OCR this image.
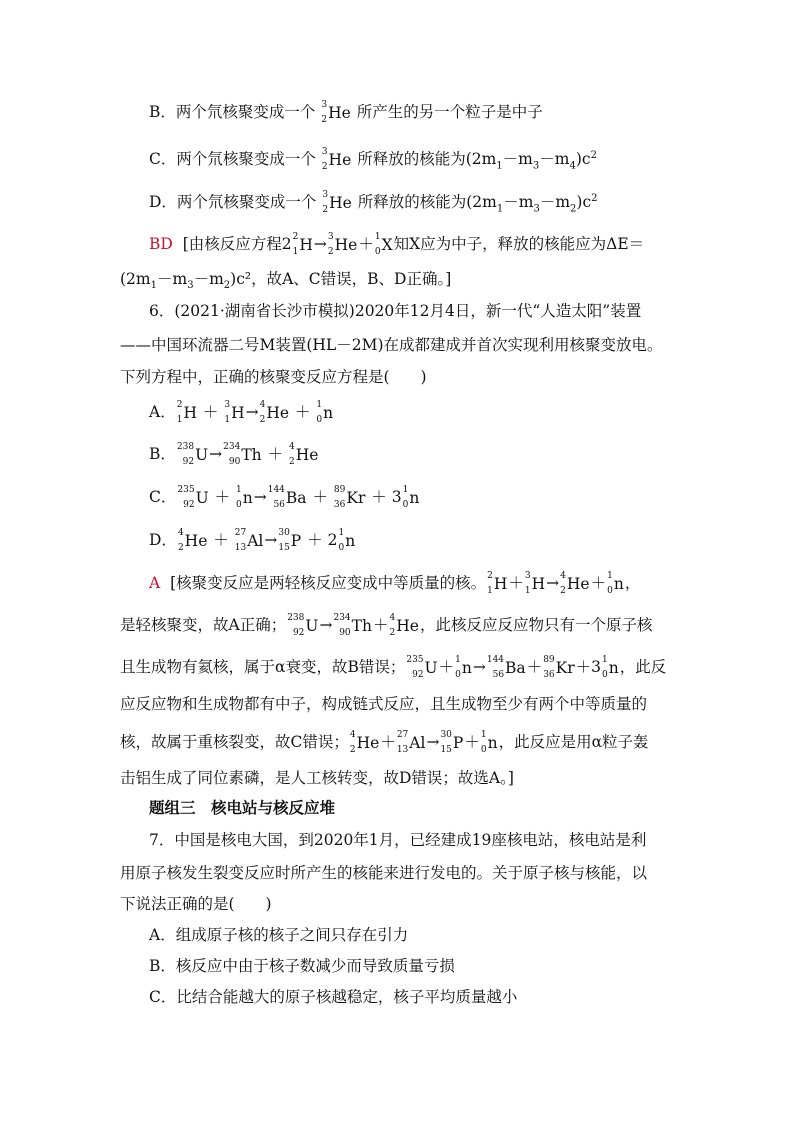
B．两个氘核聚变成一个 3
2 He 所产生的另一个粒子是中子
C．两个氘核聚变成一个 3
2 He 所释放的核能为$(2m_1-m_3-m_4)c^2$
D．两个氘核聚变成一个 3
2 He 所释放的核能为$(2m_1-m_3-m_2)c^2$
BD [由核反应方程2 2
1 H → 3
2 He ＋ 1
0 X 知X应为中子，释放的核能应为ΔE＝
$(2m_1-m_3-m_2)c^2$，故A、C错误，B、D正确。]
6．(2021·湖南省长沙市模拟)2020年12月4日，新一代“人造太阳”装置
——中国环流器二号M装置(HL－2M)在成都建成并首次实现利用核聚变放电。
下列方程中，正确的核聚变反应方程是(　　)
A． 2
1 H ＋ 3
1 H → 4
2 He ＋ 1
0 n
B． 238
92 U → 234
90 Th ＋ 4
2 He
C． 235
92 U ＋ 1
0 n → 144
56 Ba ＋ 89
36 Kr ＋ 3 1
0 n
D． 4
2 He ＋ 27
13 Al → 30
15 P ＋ 2 1
0 n
A [核聚变反应是两轻核反应变成中等质量的核。 2
1 H ＋ 3
1 H → 4
2 He ＋ 1
0 n ，
是轻核聚变，故A正确； 238
92 U → 234
90 Th ＋ 4
2 He ，此核反应反应物只有一个原子核
且生成物有氦核，属于α衰变，故B错误； 235
92 U ＋ 1
0 n → 144
56 Ba ＋ 89
36 Kr ＋3 1
0 n ，此反
应反应物和生成物都有中子，构成链式反应，且生成物至少有两个中等质量的
核，故属于重核裂变，故C错误； 4
2 He ＋ 27
13 Al → 30
15 P ＋ 1
0 n ，此反应是用α粒子轰
击铝生成了同位素磷，是人工核转变，故D错误；故选A。]
题组三　核电站与核反应堆
7．中国是核电大国，到2020年1月，已经建成19座核电站，核电站是利
用原子核发生裂变反应时所产生的核能来进行发电的。关于原子核与核能，以
下说法正确的是(　　)
A．组成原子核的核子之间只存在引力
B．核反应中由于核子数减少而导致质量亏损
C．比结合能越大的原子核越稳定，核子平均质量越小
